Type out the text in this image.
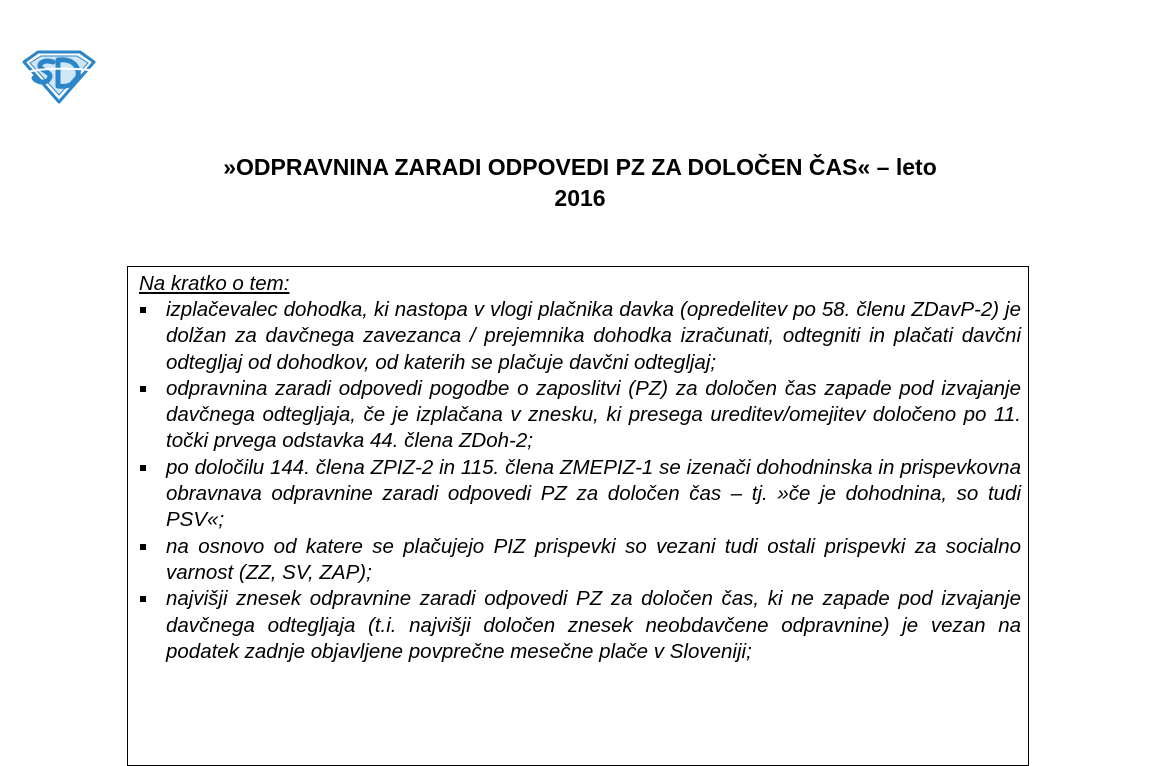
»ODPRAVNINA ZARADI ODPOVEDI PZ ZA DOLOČEN ČAS« – leto
2016
Na kratko o tem:
izplačevalec dohodka, ki nastopa v vlogi plačnika davka (opredelitev po 58. členu ZDavP-2) je dolžan za davčnega zavezanca / prejemnika dohodka izračunati, odtegniti in plačati davčni odtegljaj od dohodkov, od katerih se plačuje davčni odtegljaj;
odpravnina zaradi odpovedi pogodbe o zaposlitvi (PZ) za določen čas zapade pod izvajanje davčnega odtegljaja, če je izplačana v znesku, ki presega ureditev/omejitev določeno po 11. točki prvega odstavka 44. člena ZDoh-2;
po določilu 144. člena ZPIZ-2 in 115. člena ZMEPIZ-1 se izenači dohodninska in prispevkovna obravnava odpravnine zaradi odpovedi PZ za določen čas – tj. »če je dohodnina, so tudi PSV«;
na osnovo od katere se plačujejo PIZ prispevki so vezani tudi ostali prispevki za socialno varnost (ZZ, SV, ZAP);
najvišji znesek odpravnine zaradi odpovedi PZ za določen čas, ki ne zapade pod izvajanje davčnega odtegljaja (t.i. najvišji določen znesek neobdavčene odpravnine) je vezan na podatek zadnje objavljene povprečne mesečne plače v Sloveniji;
